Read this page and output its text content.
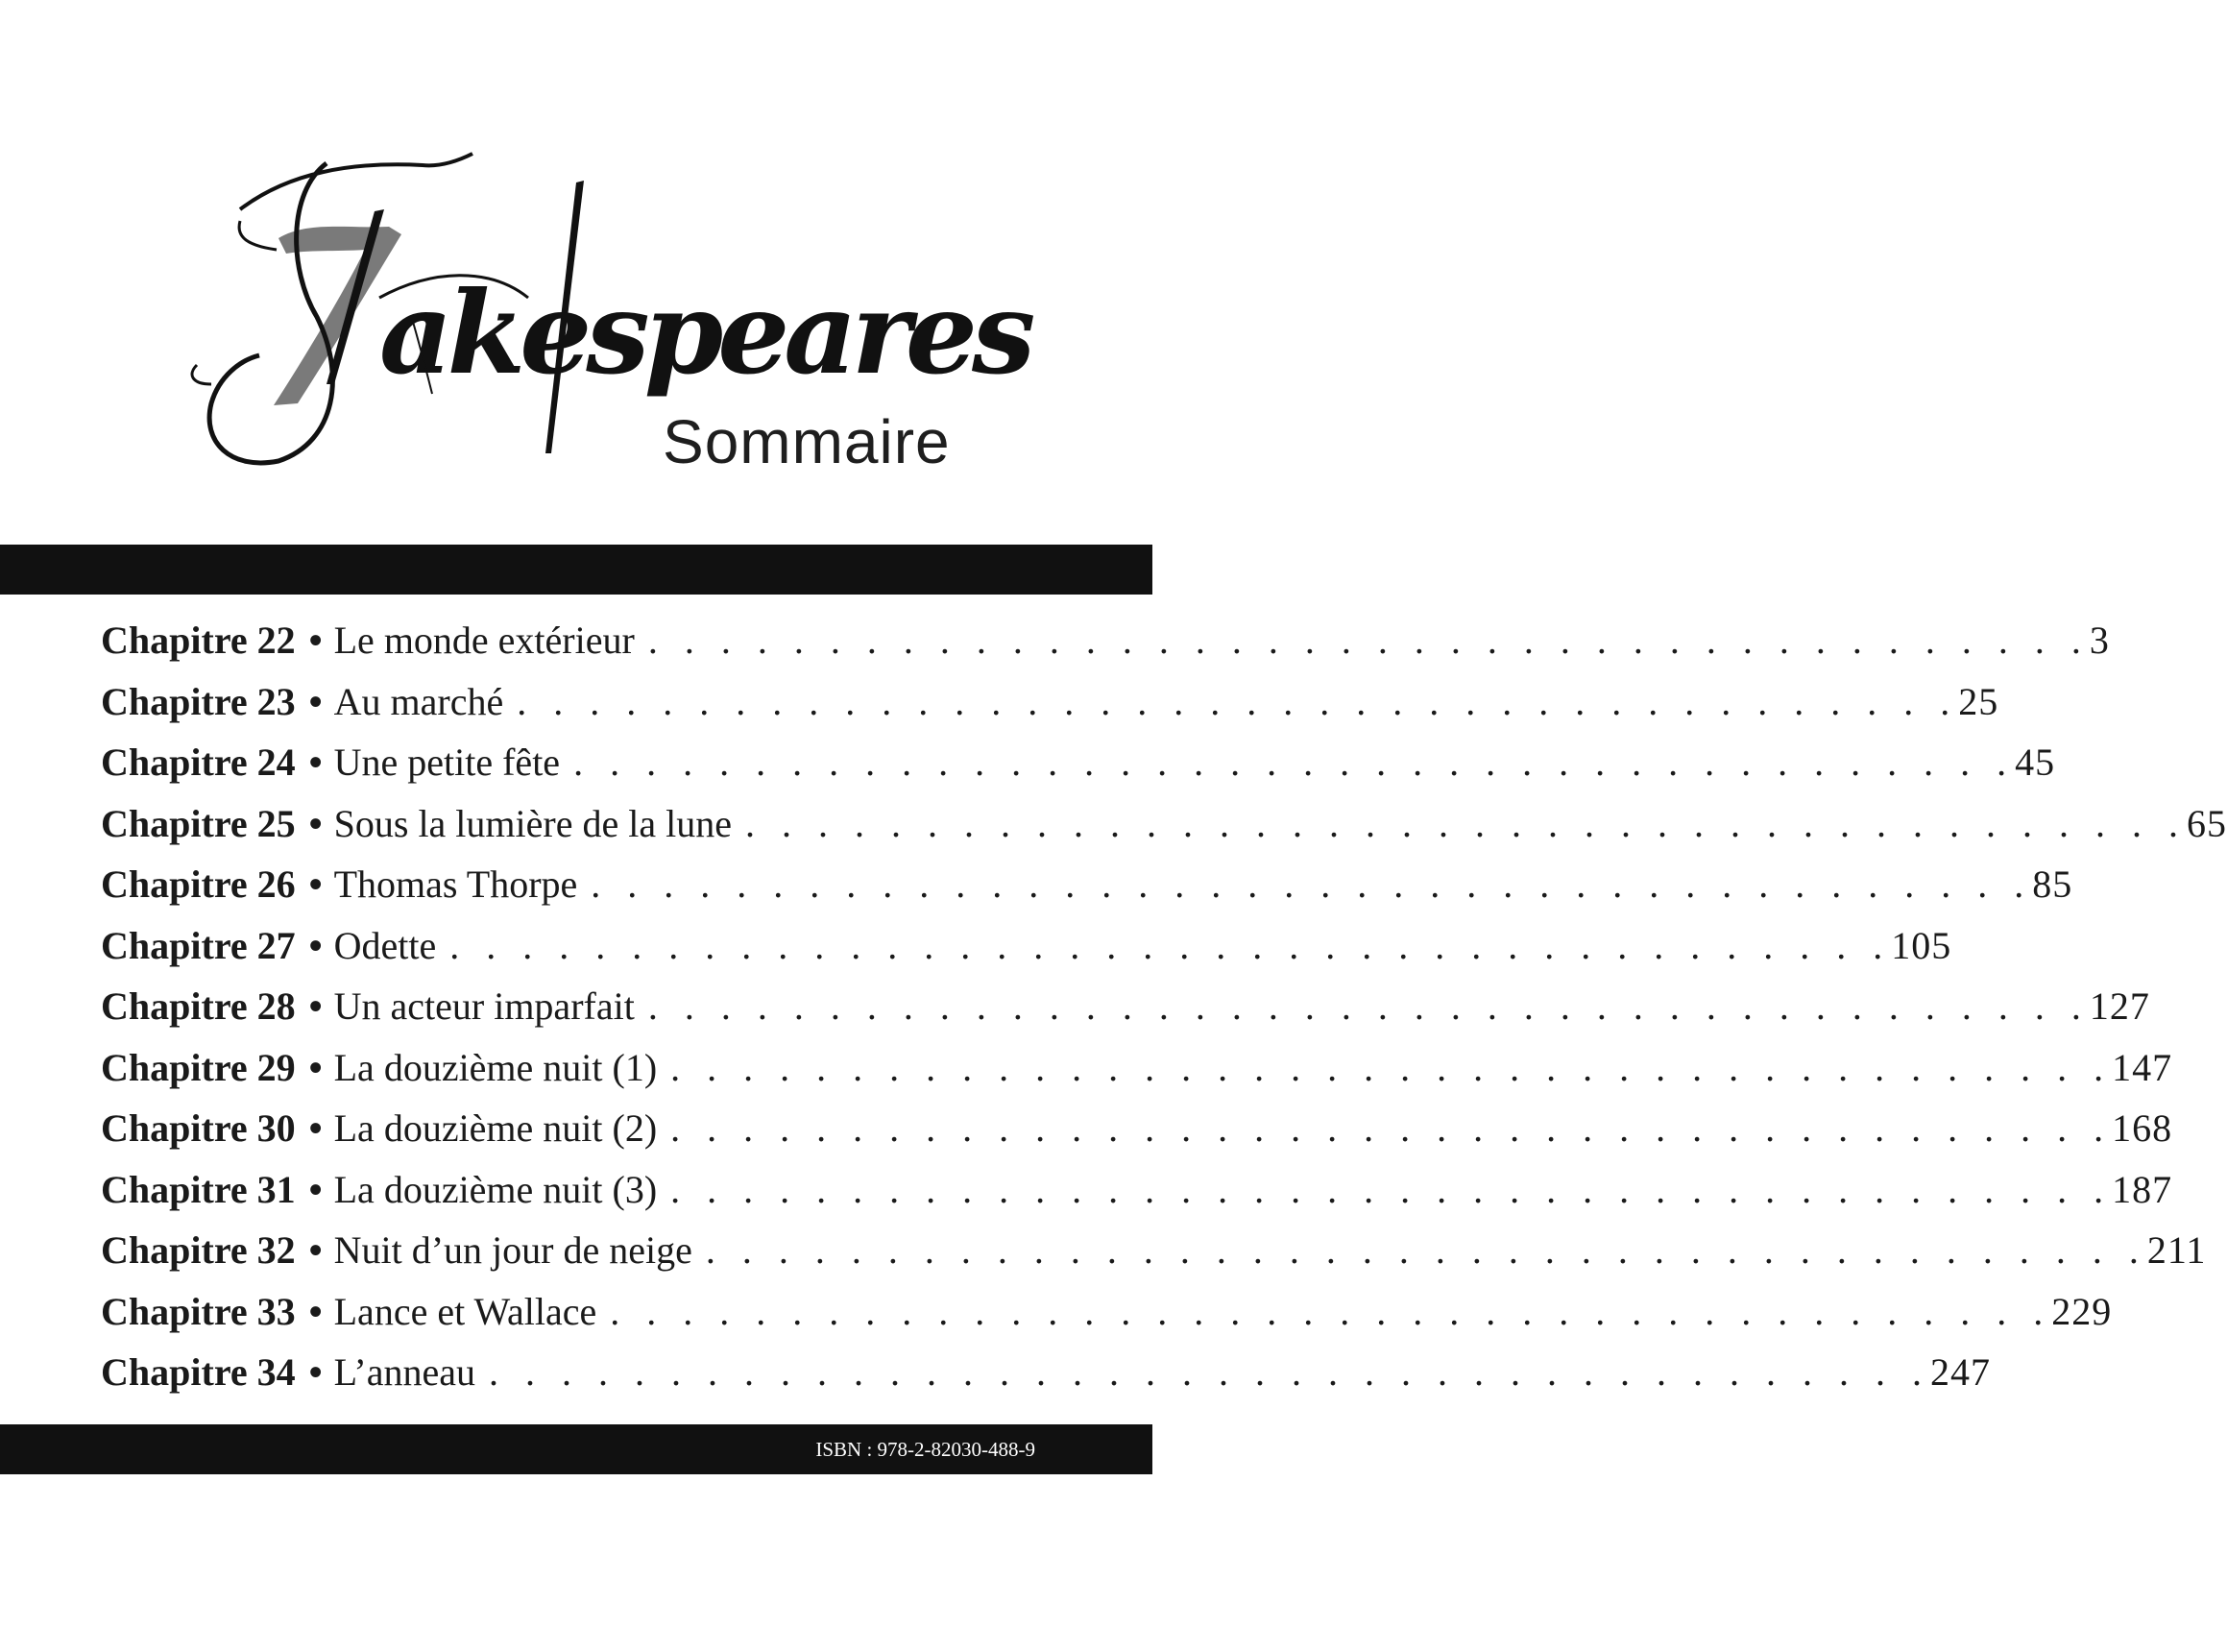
akespeares
Sommaire
Chapitre 22 • Le monde extérieur . . . . . . . . . . . . . . . . . . . . . . . . . . . . . . . . . . . . . . . . 3
Chapitre 23 • Au marché . . . . . . . . . . . . . . . . . . . . . . . . . . . . . . . . . . . . . . . . 25
Chapitre 24 • Une petite fête . . . . . . . . . . . . . . . . . . . . . . . . . . . . . . . . . . . . . . . . 45
Chapitre 25 • Sous la lumière de la lune . . . . . . . . . . . . . . . . . . . . . . . . . . . . . . . . . . . . . . . . 65
Chapitre 26 • Thomas Thorpe . . . . . . . . . . . . . . . . . . . . . . . . . . . . . . . . . . . . . . . . 85
Chapitre 27 • Odette . . . . . . . . . . . . . . . . . . . . . . . . . . . . . . . . . . . . . . . . 105
Chapitre 28 • Un acteur imparfait . . . . . . . . . . . . . . . . . . . . . . . . . . . . . . . . . . . . . . . . 127
Chapitre 29 • La douzième nuit (1) . . . . . . . . . . . . . . . . . . . . . . . . . . . . . . . . . . . . . . . . 147
Chapitre 30 • La douzième nuit (2) . . . . . . . . . . . . . . . . . . . . . . . . . . . . . . . . . . . . . . . . 168
Chapitre 31 • La douzième nuit (3) . . . . . . . . . . . . . . . . . . . . . . . . . . . . . . . . . . . . . . . . 187
Chapitre 32 • Nuit d’un jour de neige . . . . . . . . . . . . . . . . . . . . . . . . . . . . . . . . . . . . . . . . 211
Chapitre 33 • Lance et Wallace . . . . . . . . . . . . . . . . . . . . . . . . . . . . . . . . . . . . . . . . 229
Chapitre 34 • L’anneau . . . . . . . . . . . . . . . . . . . . . . . . . . . . . . . . . . . . . . . . 247
ISBN : 978-2-82030-488-9
